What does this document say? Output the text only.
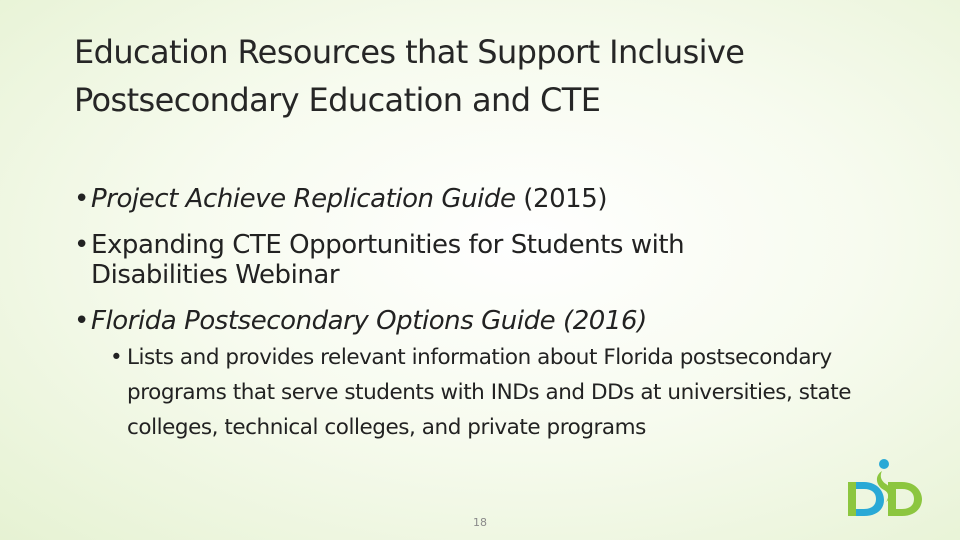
Education Resources that Support Inclusive
Postsecondary Education and CTE
• Project Achieve Replication Guide (2015)
• Expanding CTE Opportunities for Students with
Disabilities Webinar
• Florida Postsecondary Options Guide (2016)
• Lists and provides relevant information about Florida postsecondary programs that serve students with INDs and DDs at universities, state colleges, technical colleges, and private programs
18
